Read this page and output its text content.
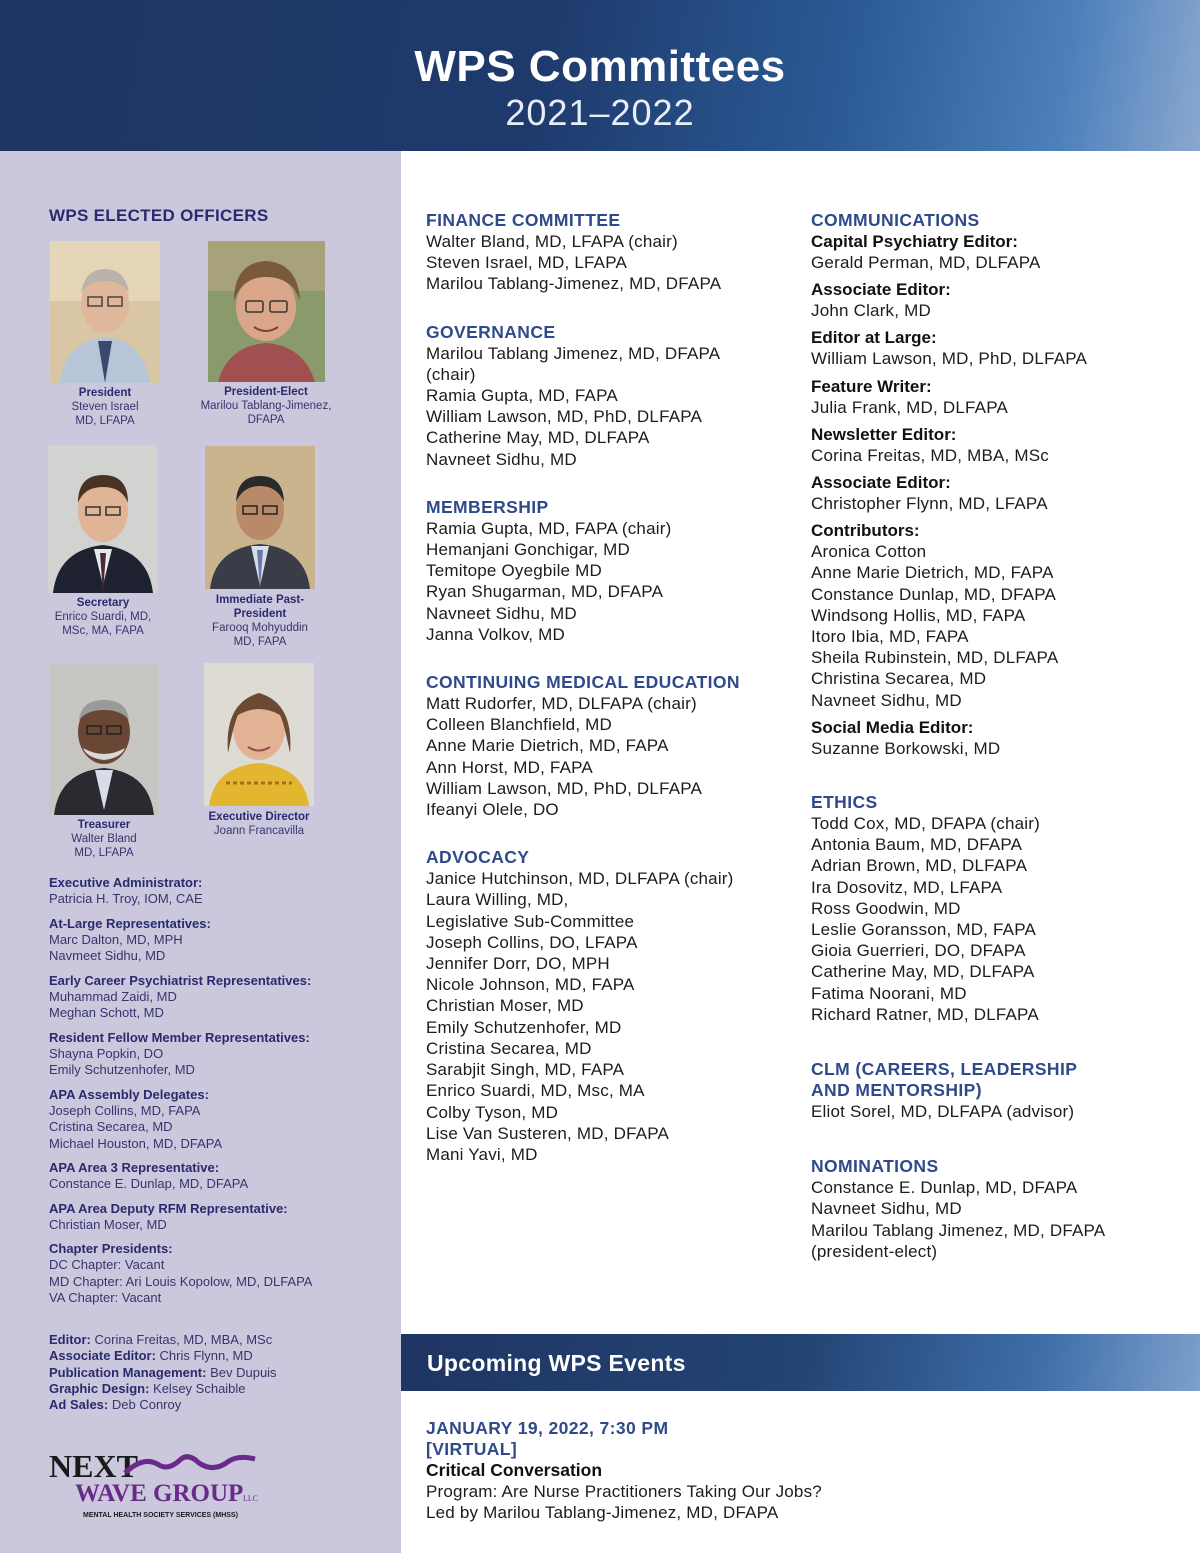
WPS Committees
2021–2022
WPS ELECTED OFFICERS
President
Steven Israel
MD, LFAPA
President-Elect
Marilou Tablang-Jimenez,
DFAPA
Secretary
Enrico Suardi, MD,
MSc, MA, FAPA
Immediate Past-
President
Farooq Mohyuddin
MD, FAPA
Treasurer
Walter Bland
MD, LFAPA
Executive Director
Joann Francavilla
Executive Administrator:
Patricia H. Troy, IOM, CAE
At-Large Representatives:
Marc Dalton, MD, MPH
Navmeet Sidhu, MD
Early Career Psychiatrist Representatives:
Muhammad Zaidi, MD
Meghan Schott, MD
Resident Fellow Member Representatives:
Shayna Popkin, DO
Emily Schutzenhofer, MD
APA Assembly Delegates:
Joseph Collins, MD, FAPA
Cristina Secarea, MD
Michael Houston, MD, DFAPA
APA Area 3 Representative:
Constance E. Dunlap, MD, DFAPA
APA Area Deputy RFM Representative:
Christian Moser, MD
Chapter Presidents:
DC Chapter: Vacant
MD Chapter: Ari Louis Kopolow, MD, DLFAPA
VA Chapter: Vacant
Editor: Corina Freitas, MD, MBA, MSc
Associate Editor: Chris Flynn, MD
Publication Management: Bev Dupuis
Graphic Design: Kelsey Schaible
Ad Sales: Deb Conroy
NEXT
WAVE GROUP LLC
MENTAL HEALTH SOCIETY SERVICES (MHSS)
FINANCE COMMITTEE
Walter Bland, MD, LFAPA (chair)
Steven Israel, MD, LFAPA
Marilou Tablang-Jimenez, MD, DFAPA
GOVERNANCE
Marilou Tablang Jimenez, MD, DFAPA
(chair)
Ramia Gupta, MD, FAPA
William Lawson, MD, PhD, DLFAPA
Catherine May, MD, DLFAPA
Navneet Sidhu, MD
MEMBERSHIP
Ramia Gupta, MD, FAPA (chair)
Hemanjani Gonchigar, MD
Temitope Oyegbile MD
Ryan Shugarman, MD, DFAPA
Navneet Sidhu, MD
Janna Volkov, MD
CONTINUING MEDICAL EDUCATION
Matt Rudorfer, MD, DLFAPA (chair)
Colleen Blanchfield, MD
Anne Marie Dietrich, MD, FAPA
Ann Horst, MD, FAPA
William Lawson, MD, PhD, DLFAPA
Ifeanyi Olele, DO
ADVOCACY
Janice Hutchinson, MD, DLFAPA (chair)
Laura Willing, MD,
Legislative Sub-Committee
Joseph Collins, DO, LFAPA
Jennifer Dorr, DO, MPH
Nicole Johnson, MD, FAPA
Christian Moser, MD
Emily Schutzenhofer, MD
Cristina Secarea, MD
Sarabjit Singh, MD, FAPA
Enrico Suardi, MD, Msc, MA
Colby Tyson, MD
Lise Van Susteren, MD, DFAPA
Mani Yavi, MD
COMMUNICATIONS
Capital Psychiatry Editor:
Gerald Perman, MD, DLFAPA
Associate Editor:
John Clark, MD
Editor at Large:
William Lawson, MD, PhD, DLFAPA
Feature Writer:
Julia Frank, MD, DLFAPA
Newsletter Editor:
Corina Freitas, MD, MBA, MSc
Associate Editor:
Christopher Flynn, MD, LFAPA
Contributors:
Aronica Cotton
Anne Marie Dietrich, MD, FAPA
Constance Dunlap, MD, DFAPA
Windsong Hollis, MD, FAPA
Itoro Ibia, MD, FAPA
Sheila Rubinstein, MD, DLFAPA
Christina Secarea, MD
Navneet Sidhu, MD
Social Media Editor:
Suzanne Borkowski, MD
ETHICS
Todd Cox, MD, DFAPA (chair)
Antonia Baum, MD, DFAPA
Adrian Brown, MD, DLFAPA
Ira Dosovitz, MD, LFAPA
Ross Goodwin, MD
Leslie Goransson, MD, FAPA
Gioia Guerrieri, DO, DFAPA
Catherine May, MD, DLFAPA
Fatima Noorani, MD
Richard Ratner, MD, DLFAPA
CLM (CAREERS, LEADERSHIP
AND MENTORSHIP)
Eliot Sorel, MD, DLFAPA (advisor)
NOMINATIONS
Constance E. Dunlap, MD, DFAPA
Navneet Sidhu, MD
Marilou Tablang Jimenez, MD, DFAPA
(president-elect)
Upcoming WPS Events
JANUARY 19, 2022, 7:30 PM
[VIRTUAL]
Critical Conversation
Program: Are Nurse Practitioners Taking Our Jobs?
Led by Marilou Tablang-Jimenez, MD, DFAPA
